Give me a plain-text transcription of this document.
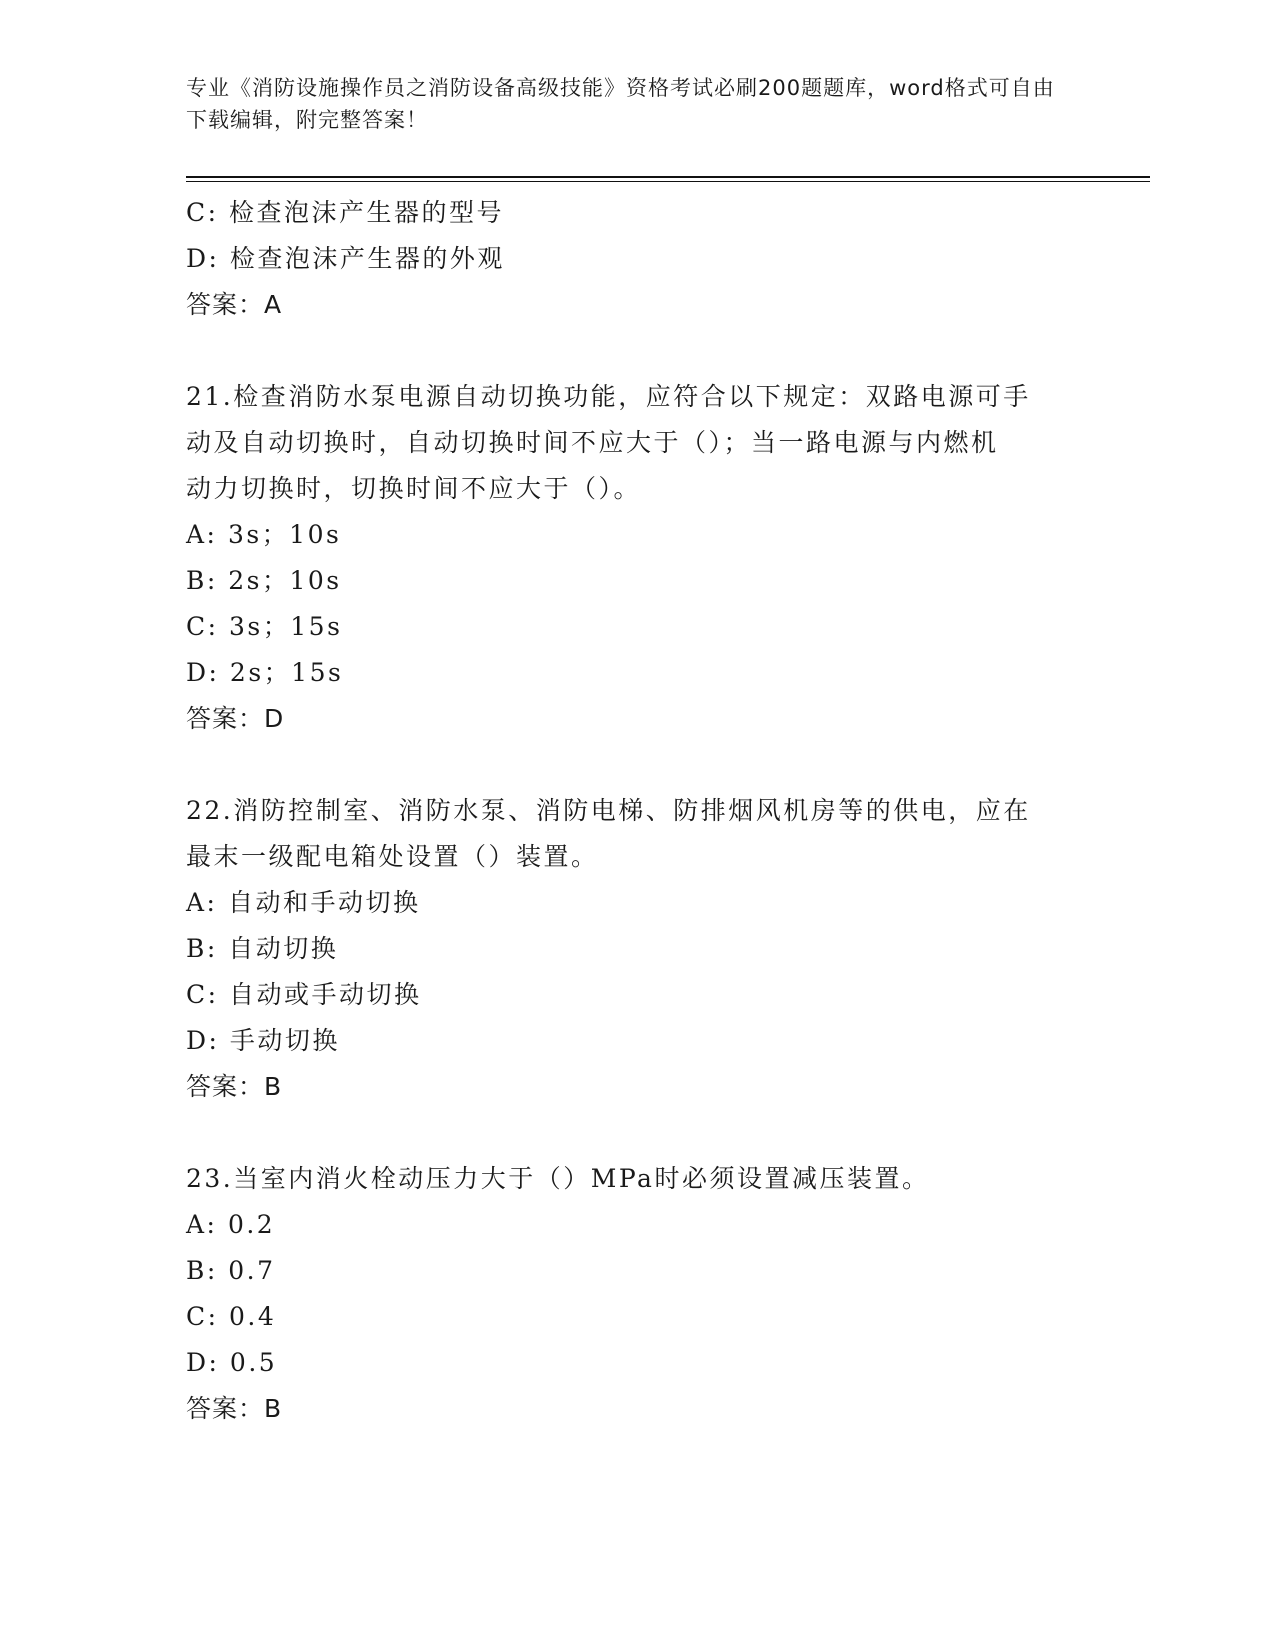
专业《消防设施操作员之消防设备高级技能》资格考试必刷200题题库，word格式可自由下载编辑，附完整答案！
C: 检查泡沫产生器的型号
D: 检查泡沫产生器的外观
答案：A
21.检查消防水泵电源自动切换功能，应符合以下规定：双路电源可手
动及自动切换时，自动切换时间不应大于（）；当一路电源与内燃机
动力切换时，切换时间不应大于（）。
A: 3s；10s
B: 2s；10s
C: 3s；15s
D: 2s；15s
答案：D
22.消防控制室、消防水泵、消防电梯、防排烟风机房等的供电，应在
最末一级配电箱处设置（）装置。
A: 自动和手动切换
B: 自动切换
C: 自动或手动切换
D: 手动切换
答案：B
23.当室内消火栓动压力大于（）MPa时必须设置减压装置。
A: 0.2
B: 0.7
C: 0.4
D: 0.5
答案：B
